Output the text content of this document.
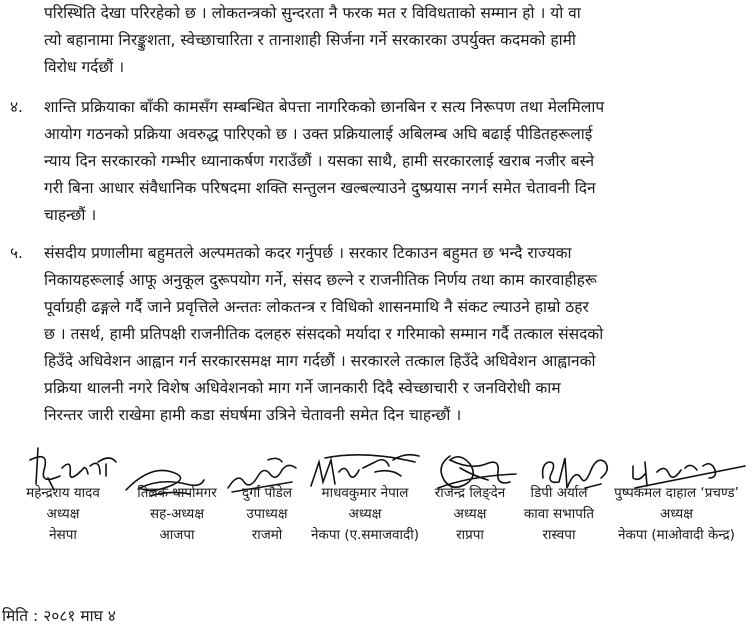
परिस्थिति देखा परिरहेको छ । लोकतन्त्रको सुन्दरता नै फरक मत र विविधताको सम्मान हो । यो वा
त्यो बहानामा निरङ्कुशता, स्वेच्छाचारिता र तानाशाही सिर्जना गर्ने सरकारका उपर्युक्त कदमको हामी
विरोध गर्दछौं ।
४. शान्ति प्रक्रियाका बाँकी कामसँग सम्बन्धित बेपत्ता नागरिकको छानबिन र सत्य निरूपण तथा मेलमिलाप
आयोग गठनको प्रक्रिया अवरुद्ध पारिएको छ । उक्त प्रक्रियालाई अबिलम्ब अघि बढाई पीडितहरूलाई
न्याय दिन सरकारको गम्भीर ध्यानाकर्षण गराउँछौं । यसका साथै, हामी सरकारलाई खराब नजीर बस्ने
गरी बिना आधार संवैधानिक परिषदमा शक्ति सन्तुलन खल्बल्याउने दुष्प्रयास नगर्न समेत चेतावनी दिन
चाहन्छौं ।
५. संसदीय प्रणालीमा बहुमतले अल्पमतको कदर गर्नुपर्छ । सरकार टिकाउन बहुमत छ भन्दै राज्यका
निकायहरूलाई आफू अनुकूल दुरूपयोग गर्ने, संसद छल्ने र राजनीतिक निर्णय तथा काम कारवाहीहरू
पूर्वाग्रही ढङ्गले गर्दै जाने प्रवृत्तिले अन्ततः लोकतन्त्र र विधिको शासनमाथि नै संकट ल्याउने हाम्रो ठहर
छ । तसर्थ, हामी प्रतिपक्षी राजनीतिक दलहरु संसदको मर्यादा र गरिमाको सम्मान गर्दै तत्काल संसदको
हिउँदे अधिवेशन आह्वान गर्न सरकारसमक्ष माग गर्दछौं । सरकारले तत्काल हिउँदे अधिवेशन आह्वानको
प्रक्रिया थालनी नगरे विशेष अधिवेशनको माग गर्ने जानकारी दिदै स्वेच्छाचारी र जनविरोधी काम
निरन्तर जारी राखेमा हामी कडा संघर्षमा उत्रिने चेतावनी समेत दिन चाहन्छौं ।
महेन्द्रराय यादव
अध्यक्ष
नेसपा
तिलक थार्पामगर
सह-अध्यक्ष
आजपा
दुर्गा पौडेल
उपाध्यक्ष
राजमो
माधवकुमार नेपाल
अध्यक्ष
नेकपा (ए.समाजवादी)
राजेन्द्र लिङ्देन
अध्यक्ष
राप्रपा
डिपी अर्याल
कावा सभापति
रास्वपा
पुष्पकमल दाहाल ‘प्रचण्ड’
अध्यक्ष
नेकपा (माओवादी केन्द्र)
मिति : २०८१ माघ ४
